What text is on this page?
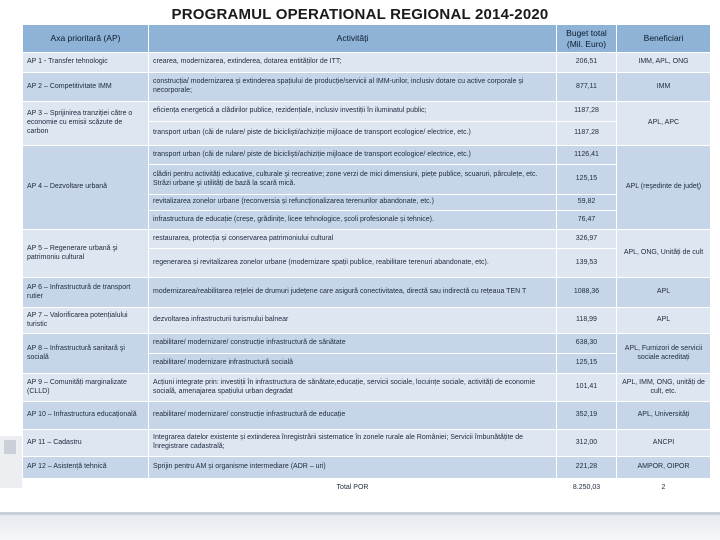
PROGRAMUL OPERATIONAL REGIONAL 2014-2020
Axa prioritară (AP)	Activități	Buget total (Mil. Euro)	Beneficiari
AP 1 - Transfer tehnologic	crearea, modernizarea, extinderea, dotarea entităților de ITT;	206,51	IMM, APL, ONG
AP 2 – Competitivitate IMM	construcția/ modernizarea și extinderea spațiului de producție/servicii al IMM-urilor, inclusiv dotare cu active corporale și necorporale;	877,11	IMM
AP 3 – Sprijinirea tranziției către o economie cu emisii scăzute de carbon	eficiența energetică a clădirilor publice, rezidențiale, inclusiv investiții în iluminatul public;	1187,28	APL, APC
	transport urban (căi de rulare/ piste de biciclişti/achiziție mijloace de transport ecologice/ electrice, etc.)	1187,28	
AP 4 – Dezvoltare urbană	transport urban (căi de rulare/ piste de biciclişti/achiziție mijloace de transport ecologice/ electrice, etc.)	1126,41	APL (reşedinte de judeţ)
	clădiri pentru activități educative, culturale şi recreative; zone verzi de mici dimensiuni, piețe publice, scuaruri, pârculețe, etc. Străzi urbane şi utilități de bază la scară mică.	125,15	
	revitalizarea zonelor urbane (reconversia și refuncționalizarea terenurilor abandonate, etc.)	59,82	
	infrastructura de educație (creșe, grădinițe, licee tehnologice, școli profesionale și tehnice).	76,47	
AP 5 – Regenerare urbană şi patrimoniu cultural	restaurarea, protecția și conservarea patrimoniului cultural	326,97	APL, ONG, Unități de cult
	regenerarea și revitalizarea zonelor urbane (modernizare spații publice, reabilitare terenuri abandonate, etc).	139,53	
AP 6 – Infrastructură de transport rutier	modernizarea/reabilitarea rețelei de drumuri județene care asigură conectivitatea, directă sau indirectă cu rețeaua TEN T	1088,36	APL
AP 7 – Valorificarea potențialului turistic	dezvoltarea infrastructurii turismului balnear	118,99	APL
AP 8 – Infrastructură sanitară şi socială	reabilitare/ modernizare/ construcție infrastructură de sănătate	638,30	APL, Furnizori de servicii sociale acreditați
	reabilitare/ modernizare infrastructură socială	125,15	
AP 9 – Comunități marginalizate (CLLD)	Acțiuni integrate prin: investiții în infrastructura de sănătate,educație, servicii sociale, locuințe sociale, activități de economie socială, amenajarea spațiului urban degradat	101,41	APL, IMM, ONG, unități de cult, etc.
AP 10 – Infrastructura educațională	reabilitare/ modernizare/ construcție infrastructură de educație	352,19	APL, Universități
AP 11 – Cadastru	Integrarea datelor existente și extinderea înregistrării sistematice în zonele rurale ale României; Servicii îmbunătățite de înregistrare cadastrală;	312,00	ANCPI
AP 12 – Asistență tehnică	Sprijin pentru AM și organisme intermediare (ADR – uri)	221,28	AMPOR, OIPOR
	Total POR	8.250,03	2
